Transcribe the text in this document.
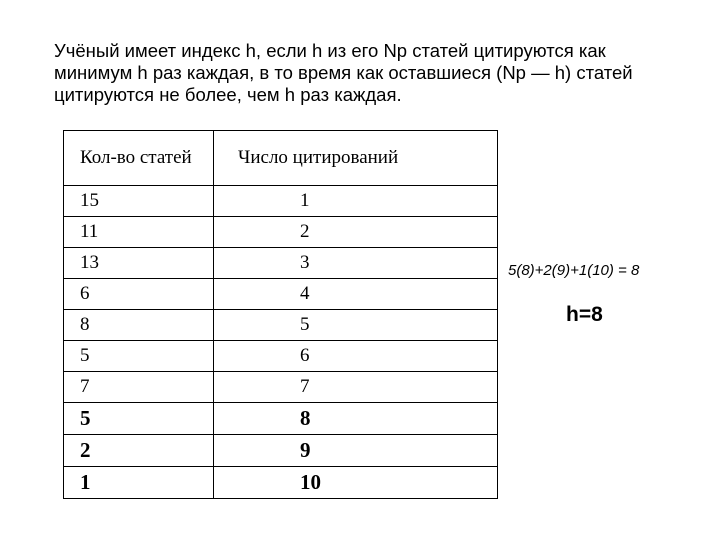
Учёный имеет индекс h, если h из его Np статей цитируются как
минимум h раз каждая, в то время как оставшиеся (Np — h) статей
цитируются не более, чем h раз каждая.
Кол-во статей	Число цитирований
15	1
11	2
13	3
6	4
8	5
5	6
7	7
5	8
2	9
1	10

5(8)+2(9)+1(10) = 8

h=8
